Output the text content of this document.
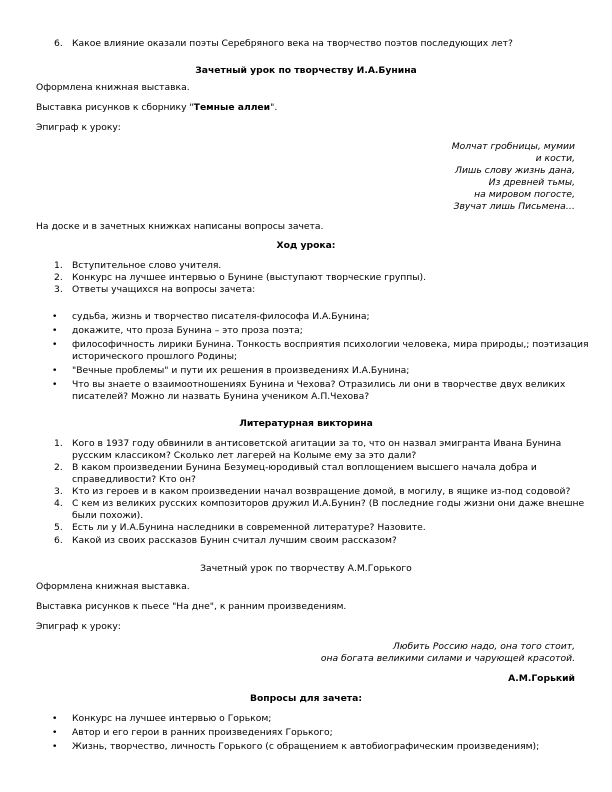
6. Какое влияние оказали поэты Серебряного века на творчество поэтов последующих лет?
Зачетный урок по творчеству И.А.Бунина
Оформлена книжная выставка.
Выставка рисунков к сборнику "Темные аллеи".
Эпиграф к уроку:
Молчат гробницы, мумии
и кости,
Лишь слову жизнь дана,
Из древней тьмы,
на мировом погосте,
Звучат лишь Письмена…
На доске и в зачетных книжках написаны вопросы зачета.
Ход урока:
1. Вступительное слово учителя.
2. Конкурс на лучшее интервью о Бунине (выступают творческие группы).
3. Ответы учащихся на вопросы зачета:
• судьба, жизнь и творчество писателя-философа И.А.Бунина;
• докажите, что проза Бунина – это проза поэта;
• философичность лирики Бунина. Тонкость восприятия психологии человека, мира природы,; поэтизация
исторического прошлого Родины;
• "Вечные проблемы" и пути их решения в произведениях И.А.Бунина;
• Что вы знаете о взаимоотношениях Бунина и Чехова? Отразились ли они в творчестве двух великих
писателей? Можно ли назвать Бунина учеником А.П.Чехова?
Литературная викторина
1. Кого в 1937 году обвинили в антисоветской агитации за то, что он назвал эмигранта Ивана Бунина
русским классиком? Сколько лет лагерей на Колыме ему за это дали?
2. В каком произведении Бунина Безумец-юродивый стал воплощением высшего начала добра и
справедливости? Кто он?
3. Кто из героев и в каком произведении начал возвращение домой, в могилу, в ящике из-под содовой?
4. С кем из великих русских композиторов дружил И.А.Бунин? (В последние годы жизни они даже внешне
были похожи).
5. Есть ли у И.А.Бунина наследники в современной литературе? Назовите.
6. Какой из своих рассказов Бунин считал лучшим своим рассказом?
Зачетный урок по творчеству А.М.Горького
Оформлена книжная выставка.
Выставка рисунков к пьесе "На дне", к ранним произведениям.
Эпиграф к уроку:
Любить Россию надо, она того стоит,
она богата великими силами и чарующей красотой.
А.М.Горький
Вопросы для зачета:
• Конкурс на лучшее интервью о Горьком;
• Автор и его герои в ранних произведениях Горького;
• Жизнь, творчество, личность Горького (с обращением к автобиографическим произведениям);
